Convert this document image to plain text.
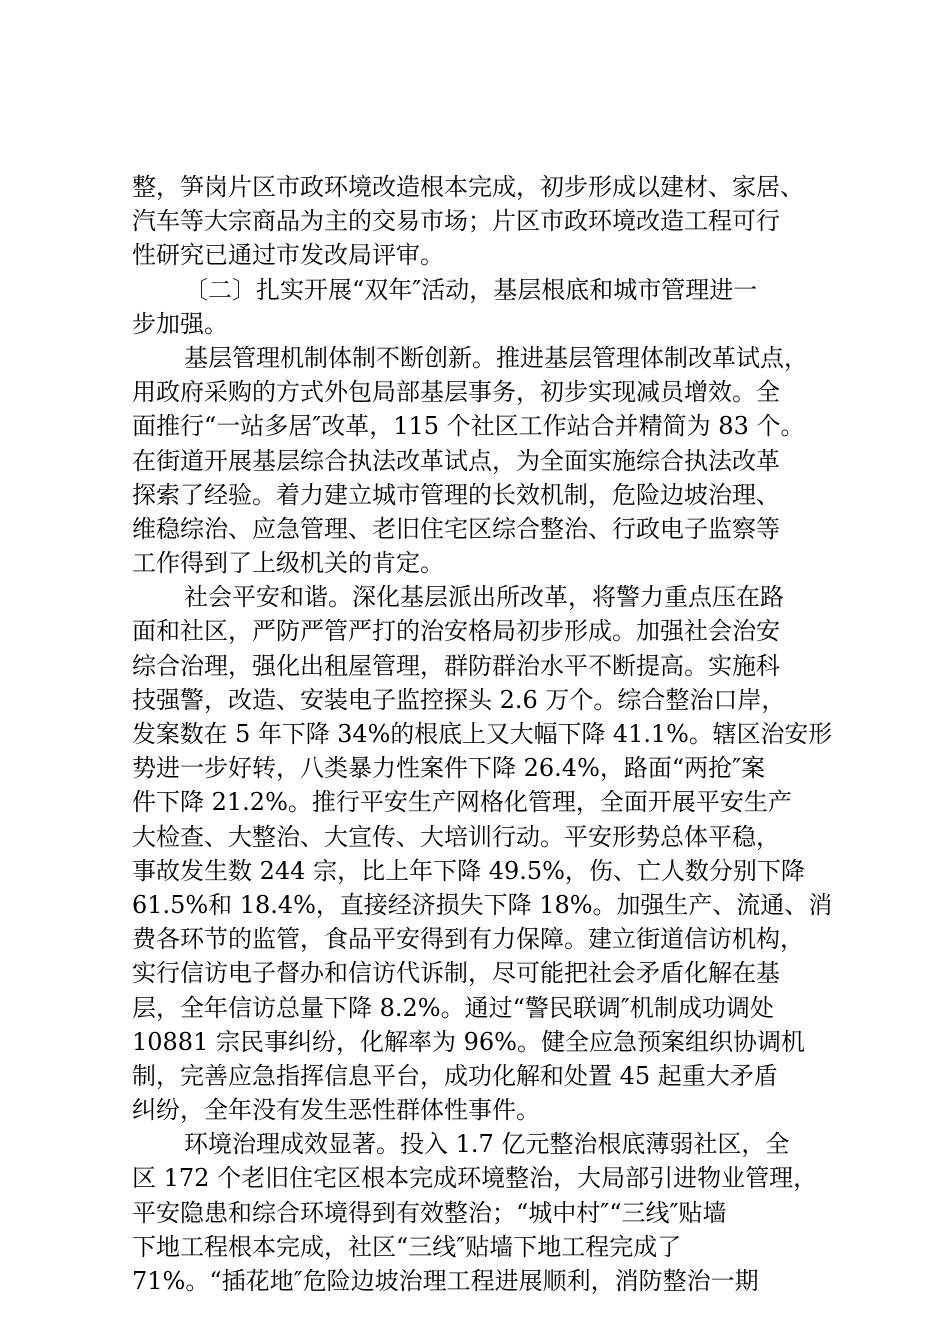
整，笋岗片区市政环境改造根本完成，初步形成以建材、家居、
汽车等大宗商品为主的交易市场；片区市政环境改造工程可行
性研究已通过市发改局评审。
〔二〕扎实开展“双年″活动，基层根底和城市管理进一
步加强。
基层管理机制体制不断创新。推进基层管理体制改革试点，
用政府采购的方式外包局部基层事务，初步实现减员增效。全
面推行“一站多居″改革，115 个社区工作站合并精简为 83 个。
在街道开展基层综合执法改革试点，为全面实施综合执法改革
探索了经验。着力建立城市管理的长效机制，危险边坡治理、
维稳综治、应急管理、老旧住宅区综合整治、行政电子监察等
工作得到了上级机关的肯定。
社会平安和谐。深化基层派出所改革，将警力重点压在路
面和社区，严防严管严打的治安格局初步形成。加强社会治安
综合治理，强化出租屋管理，群防群治水平不断提高。实施科
技强警，改造、安装电子监控探头 2.6 万个。综合整治口岸，
发案数在 5 年下降 34%的根底上又大幅下降 41.1%。辖区治安形
势进一步好转，八类暴力性案件下降 26.4%，路面“两抢″案
件下降 21.2%。推行平安生产网格化管理，全面开展平安生产
大检查、大整治、大宣传、大培训行动。平安形势总体平稳，
事故发生数 244 宗，比上年下降 49.5%，伤、亡人数分别下降
61.5%和 18.4%，直接经济损失下降 18%。加强生产、流通、消
费各环节的监管，食品平安得到有力保障。建立街道信访机构，
实行信访电子督办和信访代诉制，尽可能把社会矛盾化解在基
层，全年信访总量下降 8.2%。通过“警民联调″机制成功调处
10881 宗民事纠纷，化解率为 96%。健全应急预案组织协调机
制，完善应急指挥信息平台，成功化解和处置 45 起重大矛盾
纠纷，全年没有发生恶性群体性事件。
环境治理成效显著。投入 1.7 亿元整治根底薄弱社区，全
区 172 个老旧住宅区根本完成环境整治，大局部引进物业管理，
平安隐患和综合环境得到有效整治；“城中村″“三线″贴墙
下地工程根本完成，社区“三线″贴墙下地工程完成了
71%。“插花地″危险边坡治理工程进展顺利，消防整治一期
